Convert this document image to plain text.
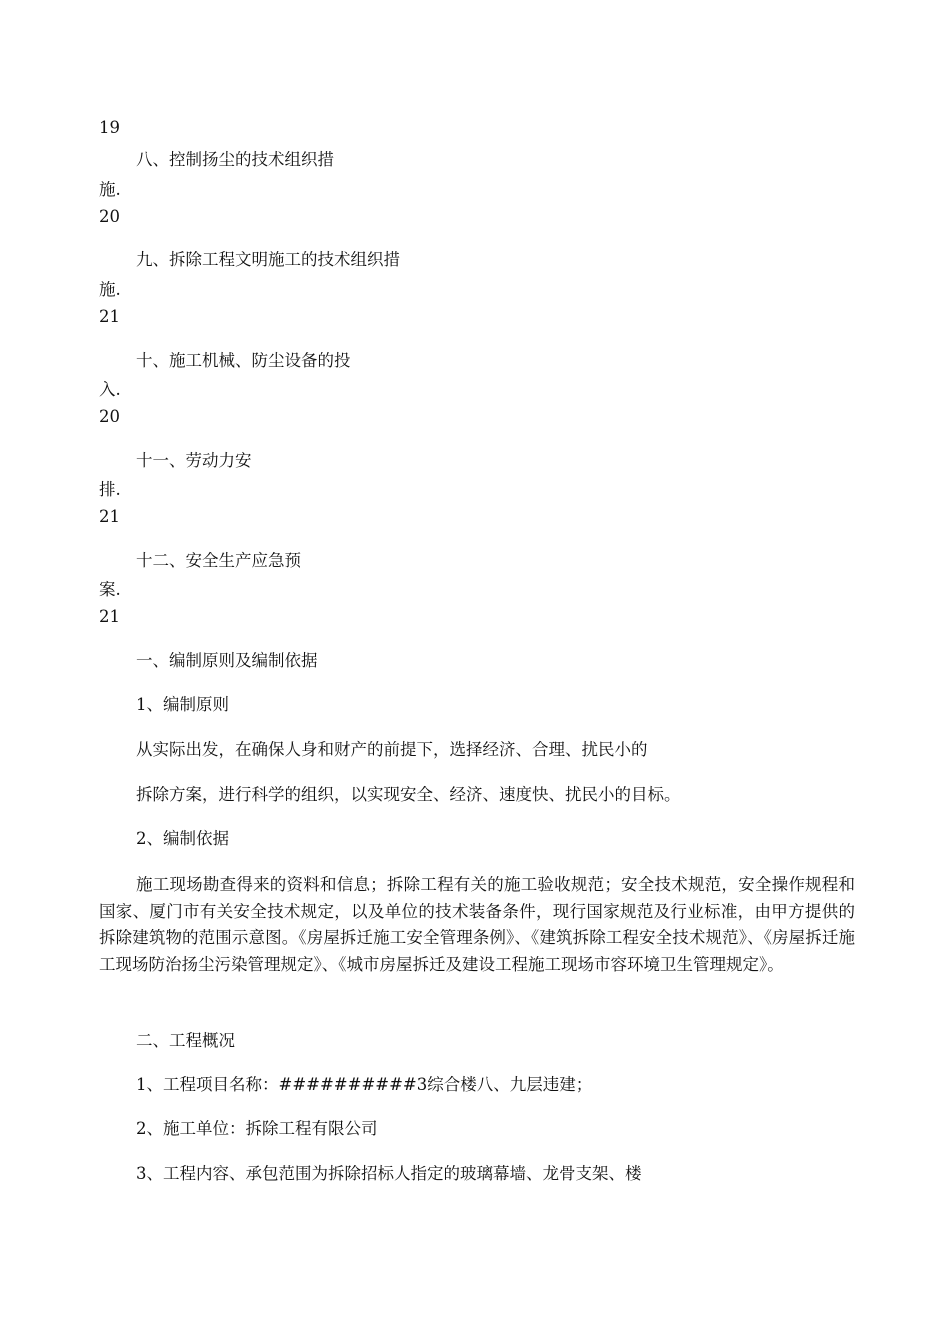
19
八、控制扬尘的技术组织措
施.
20
九、拆除工程文明施工的技术组织措
施.
21
十、施工机械、防尘设备的投
入.
20
十一、劳动力安
排.
21
十二、安全生产应急预
案.
21
一、编制原则及编制依据
1、编制原则
从实际出发，在确保人身和财产的前提下，选择经济、合理、扰民小的
拆除方案，进行科学的组织，以实现安全、经济、速度快、扰民小的目标。
2、编制依据
施工现场勘查得来的资料和信息；拆除工程有关的施工验收规范；安全技术规范，安全操作规程和国家、厦门市有关安全技术规定，以及单位的技术装备条件，现行国家规范及行业标准，由甲方提供的拆除建筑物的范围示意图。《房屋拆迁施工安全管理条例》、《建筑拆除工程安全技术规范》、《房屋拆迁施工现场防治扬尘污染管理规定》、《城市房屋拆迁及建设工程施工现场市容环境卫生管理规定》。
二、工程概况
1、工程项目名称：##########3综合楼八、九层违建；
2、施工单位：拆除工程有限公司
3、工程内容、承包范围为拆除招标人指定的玻璃幕墙、龙骨支架、楼
